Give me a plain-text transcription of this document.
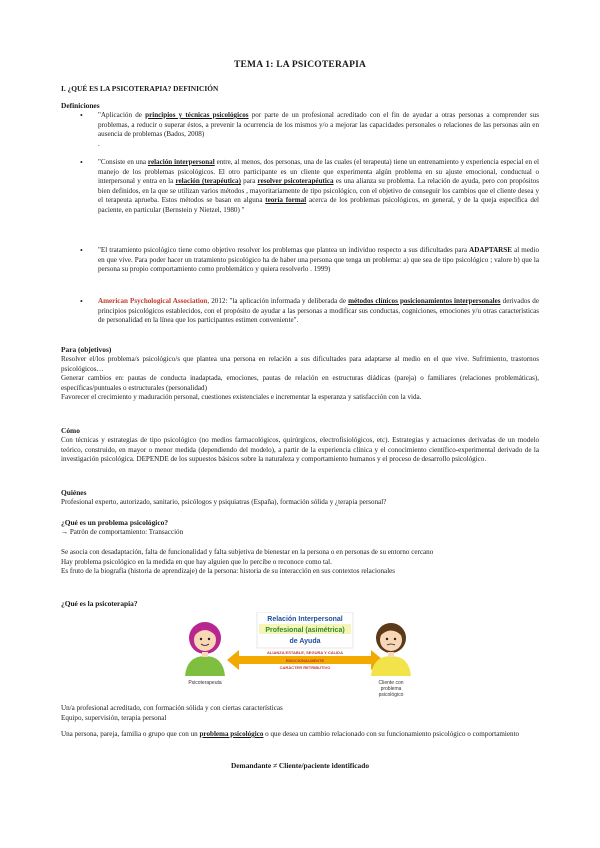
TEMA 1: LA PSICOTERAPIA
I. ¿QUÉ ES LA PSICOTERAPIA? DEFINICIÓN
Definiciones
• "Aplicación de principios y técnicas psicológicos por parte de un profesional acreditado con el fin de ayudar a otras personas a comprender sus problemas, a reducir o superar éstos, a prevenir la ocurrencia de los mismos y/o a mejorar las capacidades personales o relaciones de las personas aún en ausencia de problemas (Bados, 2008)
.
• "Consiste en una relación interpersonal entre, al menos, dos personas, una de las cuales (el terapeuta) tiene un entrenamiento y experiencia especial en el manejo de los problemas psicológicos. El otro participante es un cliente que experimenta algún problema en su ajuste emocional, conductual o interpersonal y entra en la relación (terapéutica) para resolver psicoterapéutica es una alianza su problema. La relación de ayuda, pero con propósitos bien definidos, en la que se utilizan varios métodos , mayoritariamente de tipo psicológico, con el objetivo de conseguir los cambios que el cliente desea y el terapeuta aprueba. Estos métodos se basan en alguna teoría formal acerca de los problemas psicológicos, en general, y de la queja específica del paciente, en particular (Bernstein y Nietzel, 1980) "
• "El tratamiento psicológico tiene como objetivo resolver los problemas que plantea un individuo respecto a sus dificultades para ADAPTARSE al medio en que vive. Para poder hacer un tratamiento psicológico ha de haber una persona que tenga un problema: a) que sea de tipo psicológico ; valore b) que la persona su propio comportamiento como problemático y quiera resolverlo . 1999)
• American Psychological Association, 2012: "la aplicación informada y deliberada de métodos clínicos posicionamientos interpersonales derivados de principios psicológicos establecidos, con el propósito de ayudar a las personas a modificar sus conductas, cogniciones, emociones y/u otras características de personalidad en la línea que los participantes estimen conveniente".
Para (objetivos)

Resolver el/los problema/s psicológico/s que plantea una persona en relación a sus dificultades para adaptarse al medio en el que vive. Sufrimiento, trastornos psicológicos…

Generar cambios en: pautas de conducta inadaptada, emociones, pautas de relación en estructuras diádicas (pareja) o familiares (relaciones problemáticas), específicas/puntuales o estructurales (personalidad)

Favorecer el crecimiento y maduración personal, cuestiones existenciales e incrementar la esperanza y satisfacción con la vida.

Cómo

Con técnicas y estrategias de tipo psicológico (no medios farmacológicos, quirúrgicos, electrofisiológicos, etc). Estrategias y actuaciones derivadas de un modelo teórico, construido, en mayor o menor medida (dependiendo del modelo), a partir de la experiencia clínica y el conocimiento científico-experimental derivado de la investigación psicológica. DEPENDE de los supuestos básicos sobre la naturaleza y comportamiento humanos y el proceso de desarrollo psicológico.

Quiénes

Profesional experto, autorizado, sanitario, psicólogos y psiquiatras (España), formación sólida y ¿terapia personal?

¿Qué es un problema psicológico?

→ Patrón de comportamiento: Transacción

Se asocia con desadaptación, falta de funcionalidad y falta subjetiva de bienestar en la persona o en personas de su entorno cercano

Hay problema psicológico en la medida en que hay alguien que lo percibe o reconoce como tal.

Es fruto de la biografía (historia de aprendizaje) de la persona: historia de su interacción en sus contextos relacionales

¿Qué es la psicoterapia?
Relación Interpersonal
Profesional (asimétrica)
de Ayuda
ALIANZA ESTABLE, SEGURA Y CÁLIDA
EMOCIONALMENTE
CARÁCTER RETRIBUTIVO
Psicoterapeuta	Cliente con
problema
psicológico

Un/a profesional acreditado, con formación sólida y con ciertas características

Equipo, supervisión, terapia personal

Una persona, pareja, familia o grupo que con un problema psicológico o que desea un cambio relacionado con su funcionamiento psicológico o comportamiento

Demandante ≠ Cliente/paciente identificado
